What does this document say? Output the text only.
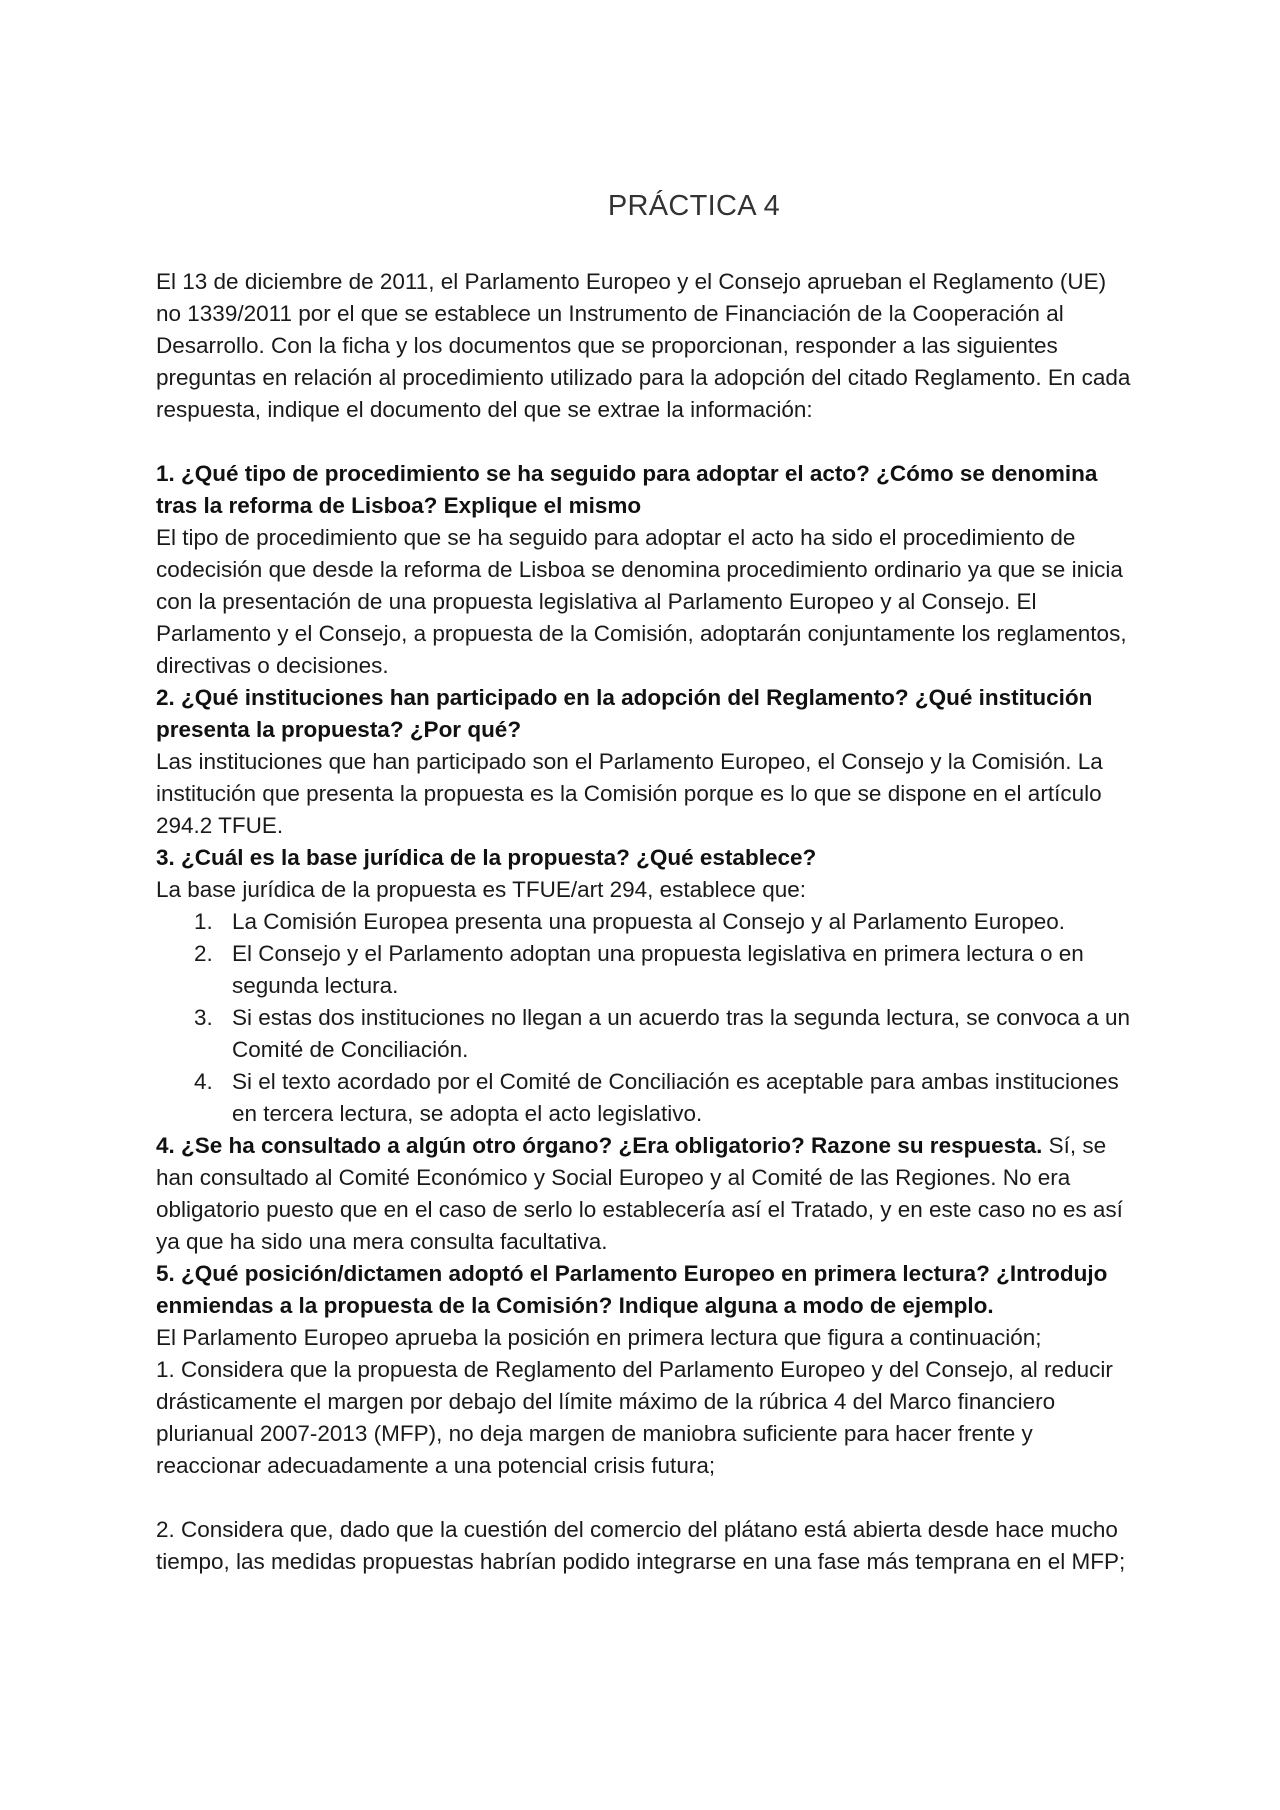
PRÁCTICA 4

El 13 de diciembre de 2011, el Parlamento Europeo y el Consejo aprueban el Reglamento (UE) no 1339/2011 por el que se establece un Instrumento de Financiación de la Cooperación al Desarrollo. Con la ficha y los documentos que se proporcionan, responder a las siguientes preguntas en relación al procedimiento utilizado para la adopción del citado Reglamento. En cada respuesta, indique el documento del que se extrae la información:

1. ¿Qué tipo de procedimiento se ha seguido para adoptar el acto? ¿Cómo se denomina tras la reforma de Lisboa? Explique el mismo

El tipo de procedimiento que se ha seguido para adoptar el acto ha sido el procedimiento de codecisión que desde la reforma de Lisboa se denomina procedimiento ordinario ya que se inicia con la presentación de una propuesta legislativa al Parlamento Europeo y al Consejo. El Parlamento y el Consejo, a propuesta de la Comisión, adoptarán conjuntamente los reglamentos, directivas o decisiones.

2. ¿Qué instituciones han participado en la adopción del Reglamento? ¿Qué institución presenta la propuesta? ¿Por qué?

Las instituciones que han participado son el Parlamento Europeo, el Consejo y la Comisión. La institución que presenta la propuesta es la Comisión porque es lo que se dispone en el artículo 294.2 TFUE.

3. ¿Cuál es la base jurídica de la propuesta? ¿Qué establece?

La base jurídica de la propuesta es TFUE/art 294, establece que:

1. La Comisión Europea presenta una propuesta al Consejo y al Parlamento Europeo.
2. El Consejo y el Parlamento adoptan una propuesta legislativa en primera lectura o en segunda lectura.
3. Si estas dos instituciones no llegan a un acuerdo tras la segunda lectura, se convoca a un Comité de Conciliación.
4. Si el texto acordado por el Comité de Conciliación es aceptable para ambas instituciones en tercera lectura, se adopta el acto legislativo.

4. ¿Se ha consultado a algún otro órgano? ¿Era obligatorio? Razone su respuesta. Sí, se han consultado al Comité Económico y Social Europeo y al Comité de las Regiones. No era obligatorio puesto que en el caso de serlo lo establecería así el Tratado, y en este caso no es así ya que ha sido una mera consulta facultativa.

5. ¿Qué posición/dictamen adoptó el Parlamento Europeo en primera lectura? ¿Introdujo enmiendas a la propuesta de la Comisión? Indique alguna a modo de ejemplo.

El Parlamento Europeo aprueba la posición en primera lectura que figura a continuación;

1. Considera que la propuesta de Reglamento del Parlamento Europeo y del Consejo, al reducir drásticamente el margen por debajo del límite máximo de la rúbrica 4 del Marco financiero plurianual 2007-2013 (MFP), no deja margen de maniobra suficiente para hacer frente y reaccionar adecuadamente a una potencial crisis futura;

2. Considera que, dado que la cuestión del comercio del plátano está abierta desde hace mucho tiempo, las medidas propuestas habrían podido integrarse en una fase más temprana en el MFP;
